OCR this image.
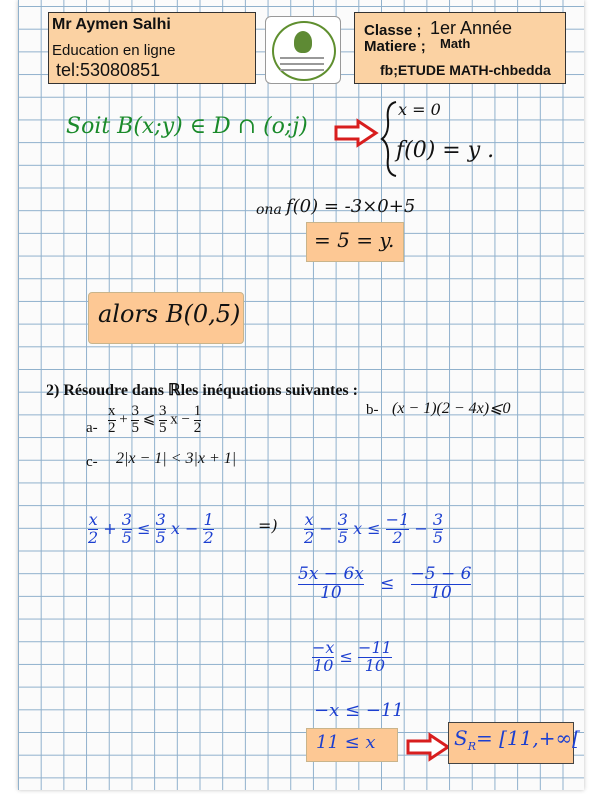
Mr Aymen Salhi
Education en ligne
tel:53080851
Classe ; 1er Année
Matiere ; Math
fb;ETUDE MATH-chbedda
Soit B(x;y) ∈ D ∩ (o;j)
x = 0
f(0) = y .
ona f(0) = -3×0+5
= 5 = y.
alors B(0,5)
2) Résoudre dans ℝles inéquations suivantes :
$a- \frac{x}{2} + \frac{3}{5}$ ⩽ $\frac{3}{5}$ $x - \frac{1}{2}$	b- (x − 1)(2 − 4x)⩽0
c- 2|x − 1| < 3|x + 1|
$\frac{x}{2} + \frac{3}{5} \le \frac{3}{5}$ $x - \frac{1}{2}$	=) $\frac{x}{2} - \frac{3}{5}$ $x \le \frac{-1}{2} - \frac{3}{5}$
$\frac{5x - 6x}{10} \le \frac{-5 - 6}{10}$
$\frac{-x}{10} \le \frac{-11}{10}$
−x ≤ −11
11 ≤ x	$S_R= [11,+\infty$[
